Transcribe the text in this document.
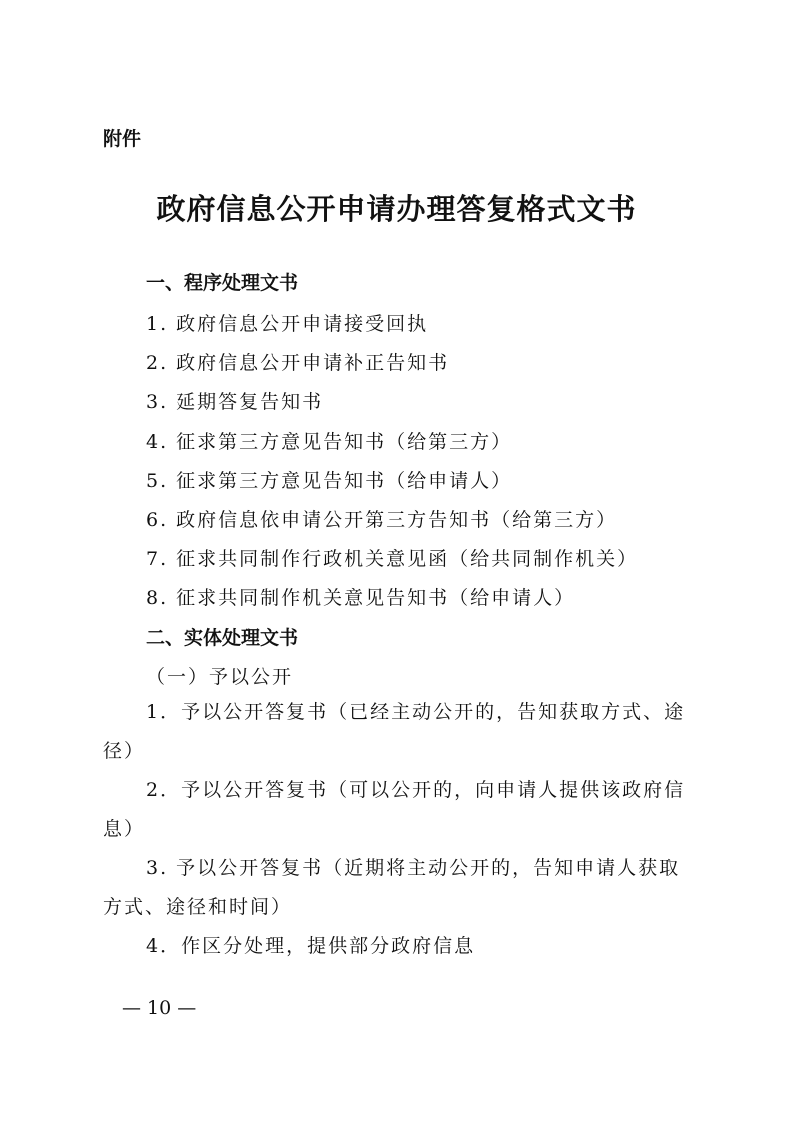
附件
政府信息公开申请办理答复格式文书
一、程序处理文书
1. 政府信息公开申请接受回执
2. 政府信息公开申请补正告知书
3. 延期答复告知书
4. 征求第三方意见告知书（给第三方）
5. 征求第三方意见告知书（给申请人）
6. 政府信息依申请公开第三方告知书（给第三方）
7. 征求共同制作行政机关意见函（给共同制作机关）
8. 征求共同制作机关意见告知书（给申请人）
二、实体处理文书
（一）予以公开
1．予以公开答复书（已经主动公开的，告知获取方式、途径）
2．予以公开答复书（可以公开的，向申请人提供该政府信息）
3. 予以公开答复书（近期将主动公开的，告知申请人获取方式、途径和时间）
4．作区分处理，提供部分政府信息
— 10 —
